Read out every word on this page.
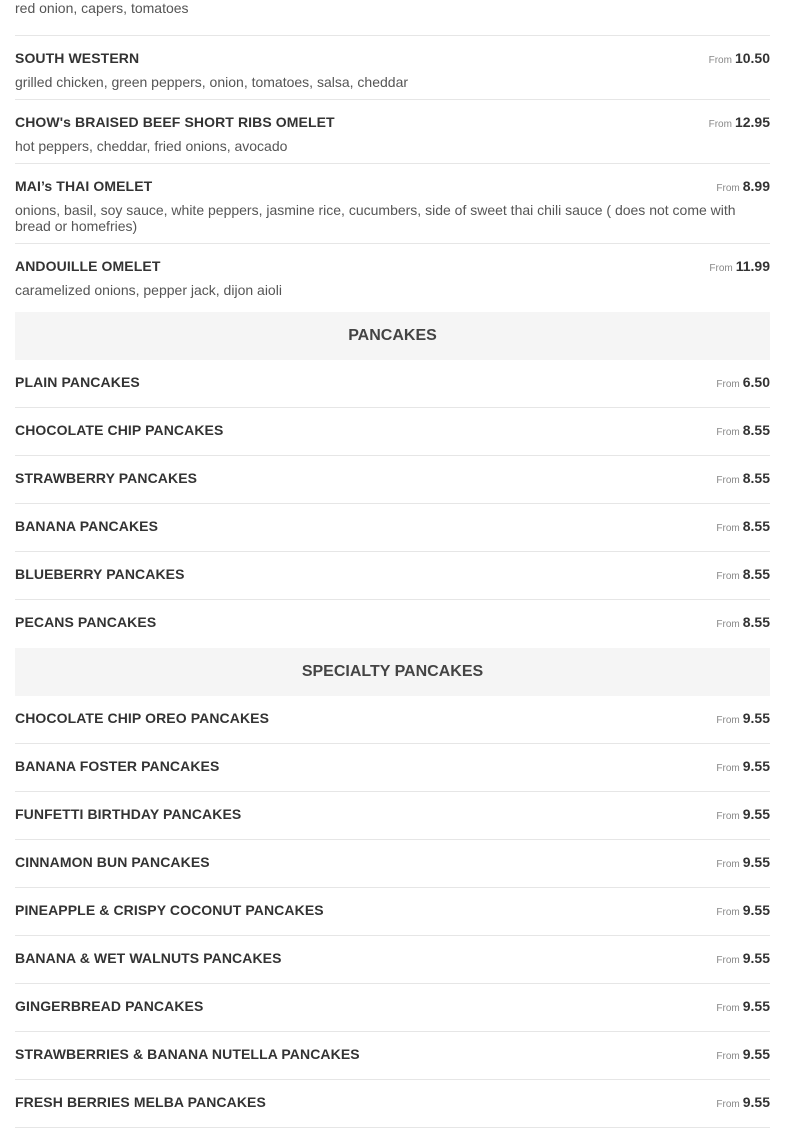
red onion, capers, tomatoes
SOUTH WESTERN	From 10.50
grilled chicken, green peppers, onion, tomatoes, salsa, cheddar
CHOW's BRAISED BEEF SHORT RIBS OMELET	From 12.95
hot peppers, cheddar, fried onions, avocado
MAI’s THAI OMELET	From 8.99
onions, basil, soy sauce, white peppers, jasmine rice, cucumbers, side of sweet thai chili sauce ( does not come with bread or homefries)
ANDOUILLE OMELET	From 11.99
caramelized onions, pepper jack, dijon aioli
PANCAKES
PLAIN PANCAKES	From 6.50
CHOCOLATE CHIP PANCAKES	From 8.55
STRAWBERRY PANCAKES	From 8.55
BANANA PANCAKES	From 8.55
BLUEBERRY PANCAKES	From 8.55
PECANS PANCAKES	From 8.55
SPECIALTY PANCAKES
CHOCOLATE CHIP OREO PANCAKES	From 9.55
BANANA FOSTER PANCAKES	From 9.55
FUNFETTI BIRTHDAY PANCAKES	From 9.55
CINNAMON BUN PANCAKES	From 9.55
PINEAPPLE & CRISPY COCONUT PANCAKES	From 9.55
BANANA & WET WALNUTS PANCAKES	From 9.55
GINGERBREAD PANCAKES	From 9.55
STRAWBERRIES & BANANA NUTELLA PANCAKES	From 9.55
FRESH BERRIES MELBA PANCAKES	From 9.55
